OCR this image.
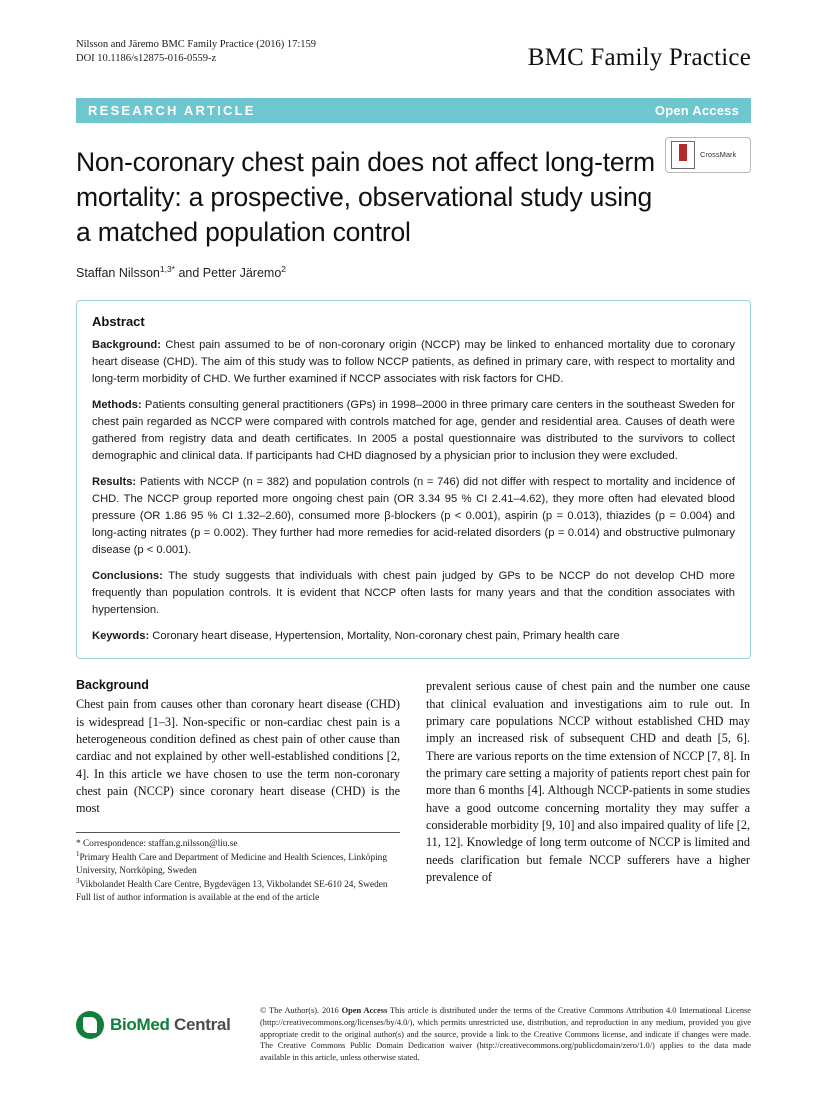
Nilsson and Järemo BMC Family Practice (2016) 17:159
DOI 10.1186/s12875-016-0559-z	BMC Family Practice
RESEARCH ARTICLE	Open Access
Non-coronary chest pain does not affect long-term mortality: a prospective, observational study using a matched population control
Staffan Nilsson$^{1,3*}$ and Petter Järemo$^2$
CrossMark
Abstract

Background: Chest pain assumed to be of non-coronary origin (NCCP) may be linked to enhanced mortality due to coronary heart disease (CHD). The aim of this study was to follow NCCP patients, as defined in primary care, with respect to mortality and long-term morbidity of CHD. We further examined if NCCP associates with risk factors for CHD.

Methods: Patients consulting general practitioners (GPs) in 1998–2000 in three primary care centers in the southeast Sweden for chest pain regarded as NCCP were compared with controls matched for age, gender and residential area. Causes of death were gathered from registry data and death certificates. In 2005 a postal questionnaire was distributed to the survivors to collect demographic and clinical data. If participants had CHD diagnosed by a physician prior to inclusion they were excluded.

Results: Patients with NCCP (n = 382) and population controls (n = 746) did not differ with respect to mortality and incidence of CHD. The NCCP group reported more ongoing chest pain (OR 3.34 95 % CI 2.41–4.62), they more often had elevated blood pressure (OR 1.86 95 % CI 1.32–2.60), consumed more β-blockers (p < 0.001), aspirin (p = 0.013), thiazides (p = 0.004) and long-acting nitrates (p = 0.002). They further had more remedies for acid-related disorders (p = 0.014) and obstructive pulmonary disease (p < 0.001).

Conclusions: The study suggests that individuals with chest pain judged by GPs to be NCCP do not develop CHD more frequently than population controls. It is evident that NCCP often lasts for many years and that the condition associates with hypertension.

Keywords: Coronary heart disease, Hypertension, Mortality, Non-coronary chest pain, Primary health care

Background

Chest pain from causes other than coronary heart disease (CHD) is widespread [1–3]. Non-specific or non-cardiac chest pain is a heterogeneous condition defined as chest pain of other cause than cardiac and not explained by other well-established conditions [2, 4]. In this article we have chosen to use the term non-coronary chest pain (NCCP) since coronary heart disease (CHD) is the most

* Correspondence: staffan.g.nilsson@liu.se
$^1$Primary Health Care and Department of Medicine and Health Sciences, Linköping University, Norrköping, Sweden
$^3$Vikbolandet Health Care Centre, Bygdevägen 13, Vikbolandet SE-610 24, Sweden
Full list of author information is available at the end of the article

prevalent serious cause of chest pain and the number one cause that clinical evaluation and investigations aim to rule out. In primary care populations NCCP without established CHD may imply an increased risk of subsequent CHD and death [5, 6]. There are various reports on the time extension of NCCP [7, 8]. In the primary care setting a majority of patients report chest pain for more than 6 months [4]. Although NCCP-patients in some studies have a good outcome concerning mortality they may suffer a considerable morbidity [9, 10] and also impaired quality of life [2, 11, 12]. Knowledge of long term outcome of NCCP is limited and needs clarification but female NCCP sufferers have a higher prevalence of

BioMed Central
© The Author(s). 2016 Open Access This article is distributed under the terms of the Creative Commons Attribution 4.0 International License (http://creativecommons.org/licenses/by/4.0/), which permits unrestricted use, distribution, and reproduction in any medium, provided you give appropriate credit to the original author(s) and the source, provide a link to the Creative Commons license, and indicate if changes were made. The Creative Commons Public Domain Dedication waiver (http://creativecommons.org/publicdomain/zero/1.0/) applies to the data made available in this article, unless otherwise stated.
